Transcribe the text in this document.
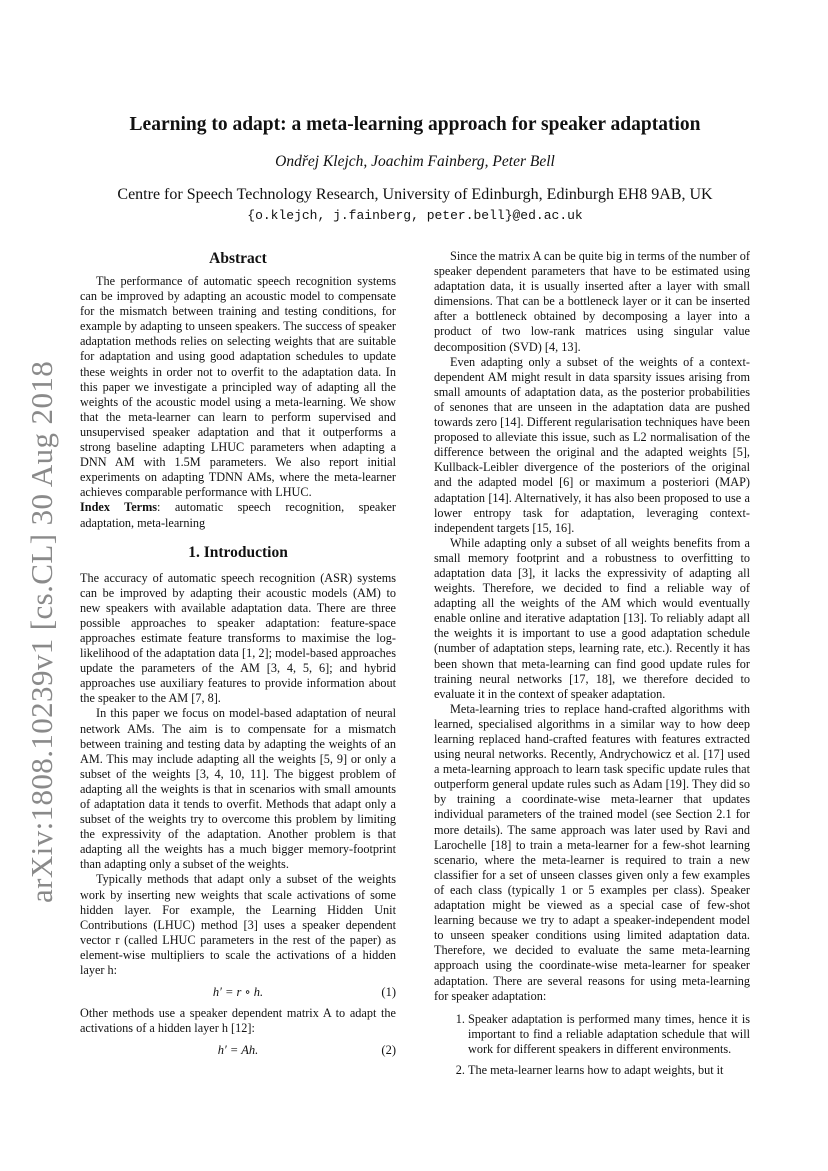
arXiv:1808.10239v1 [cs.CL] 30 Aug 2018
Learning to adapt: a meta-learning approach for speaker adaptation
Ondřej Klejch, Joachim Fainberg, Peter Bell
Centre for Speech Technology Research, University of Edinburgh, Edinburgh EH8 9AB, UK
{o.klejch, j.fainberg, peter.bell}@ed.ac.uk
Abstract

The performance of automatic speech recognition systems can be improved by adapting an acoustic model to compensate for the mismatch between training and testing conditions, for example by adapting to unseen speakers. The success of speaker adaptation methods relies on selecting weights that are suitable for adaptation and using good adaptation schedules to update these weights in order not to overfit to the adaptation data. In this paper we investigate a principled way of adapting all the weights of the acoustic model using a meta-learning. We show that the meta-learner can learn to perform supervised and unsupervised speaker adaptation and that it outperforms a strong baseline adapting LHUC parameters when adapting a DNN AM with 1.5M parameters. We also report initial experiments on adapting TDNN AMs, where the meta-learner achieves comparable performance with LHUC.

Index Terms: automatic speech recognition, speaker adaptation, meta-learning

1. Introduction

The accuracy of automatic speech recognition (ASR) systems can be improved by adapting their acoustic models (AM) to new speakers with available adaptation data. There are three possible approaches to speaker adaptation: feature-space approaches estimate feature transforms to maximise the log-likelihood of the adaptation data [1, 2]; model-based approaches update the parameters of the AM [3, 4, 5, 6]; and hybrid approaches use auxiliary features to provide information about the speaker to the AM [7, 8].

In this paper we focus on model-based adaptation of neural network AMs. The aim is to compensate for a mismatch between training and testing data by adapting the weights of an AM. This may include adapting all the weights [5, 9] or only a subset of the weights [3, 4, 10, 11]. The biggest problem of adapting all the weights is that in scenarios with small amounts of adaptation data it tends to overfit. Methods that adapt only a subset of the weights try to overcome this problem by limiting the expressivity of the adaptation. Another problem is that adapting all the weights has a much bigger memory-footprint than adapting only a subset of the weights.

Typically methods that adapt only a subset of the weights work by inserting new weights that scale activations of some hidden layer. For example, the Learning Hidden Unit Contributions (LHUC) method [3] uses a speaker dependent vector r (called LHUC parameters in the rest of the paper) as element-wise multipliers to scale the activations of a hidden layer h:

h′ = r ∘ h.	(1)

Other methods use a speaker dependent matrix A to adapt the activations of a hidden layer h [12]:

h′ = Ah.	(2)

Since the matrix A can be quite big in terms of the number of speaker dependent parameters that have to be estimated using adaptation data, it is usually inserted after a layer with small dimensions. That can be a bottleneck layer or it can be inserted after a bottleneck obtained by decomposing a layer into a product of two low-rank matrices using singular value decomposition (SVD) [4, 13].

Even adapting only a subset of the weights of a context-dependent AM might result in data sparsity issues arising from small amounts of adaptation data, as the posterior probabilities of senones that are unseen in the adaptation data are pushed towards zero [14]. Different regularisation techniques have been proposed to alleviate this issue, such as L2 normalisation of the difference between the original and the adapted weights [5], Kullback-Leibler divergence of the posteriors of the original and the adapted model [6] or maximum a posteriori (MAP) adaptation [14]. Alternatively, it has also been proposed to use a lower entropy task for adaptation, leveraging context-independent targets [15, 16].

While adapting only a subset of all weights benefits from a small memory footprint and a robustness to overfitting to adaptation data [3], it lacks the expressivity of adapting all weights. Therefore, we decided to find a reliable way of adapting all the weights of the AM which would eventually enable online and iterative adaptation [13]. To reliably adapt all the weights it is important to use a good adaptation schedule (number of adaptation steps, learning rate, etc.). Recently it has been shown that meta-learning can find good update rules for training neural networks [17, 18], we therefore decided to evaluate it in the context of speaker adaptation.

Meta-learning tries to replace hand-crafted algorithms with learned, specialised algorithms in a similar way to how deep learning replaced hand-crafted features with features extracted using neural networks. Recently, Andrychowicz et al. [17] used a meta-learning approach to learn task specific update rules that outperform general update rules such as Adam [19]. They did so by training a coordinate-wise meta-learner that updates individual parameters of the trained model (see Section 2.1 for more details). The same approach was later used by Ravi and Larochelle [18] to train a meta-learner for a few-shot learning scenario, where the meta-learner is required to train a new classifier for a set of unseen classes given only a few examples of each class (typically 1 or 5 examples per class). Speaker adaptation might be viewed as a special case of few-shot learning because we try to adapt a speaker-independent model to unseen speaker conditions using limited adaptation data. Therefore, we decided to evaluate the same meta-learning approach using the coordinate-wise meta-learner for speaker adaptation. There are several reasons for using meta-learning for speaker adaptation:

1. Speaker adaptation is performed many times, hence it is important to find a reliable adaptation schedule that will work for different speakers in different environments.
2. The meta-learner learns how to adapt weights, but it
